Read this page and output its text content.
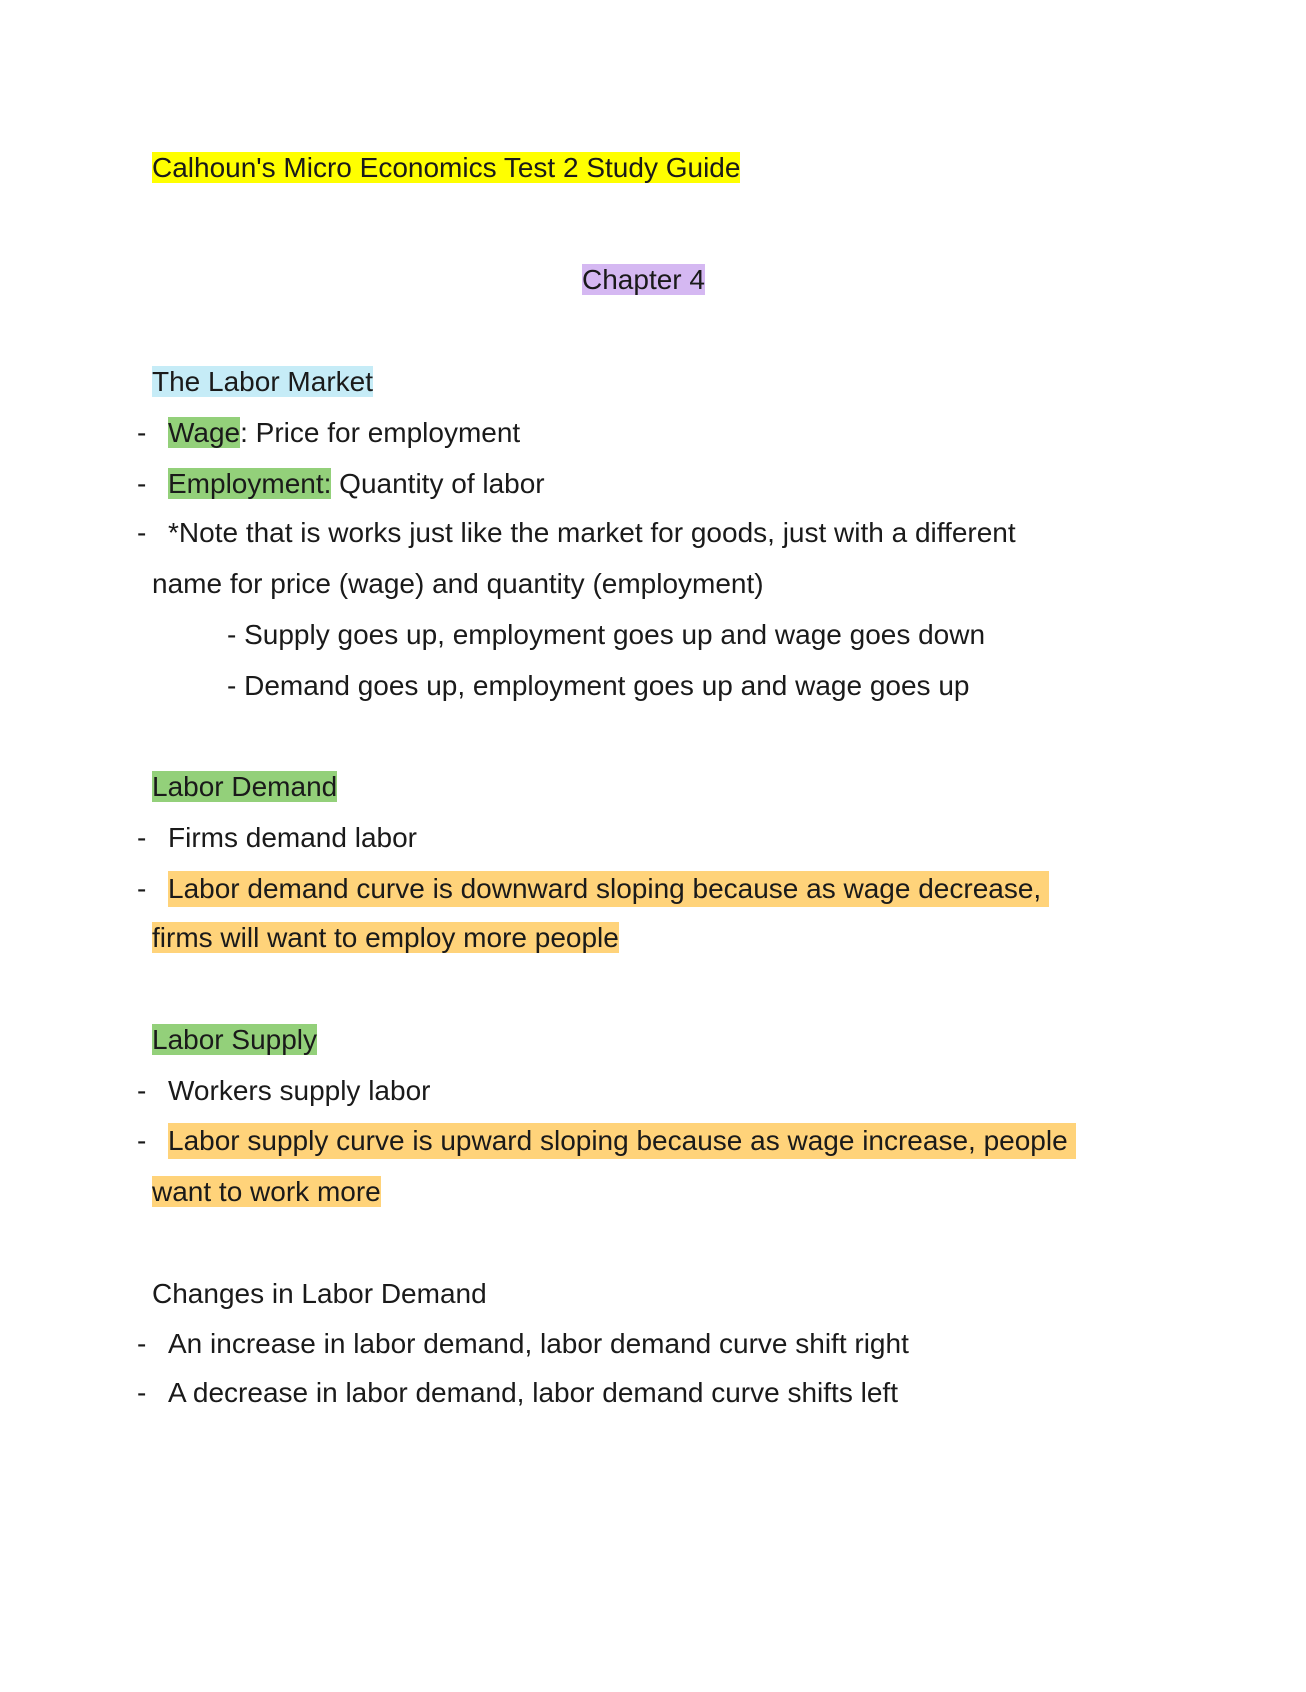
Calhoun's Micro Economics Test 2 Study Guide
Chapter 4
The Labor Market
- Wage: Price for employment
- Employment: Quantity of labor
- *Note that is works just like the market for goods, just with a different
name for price (wage) and quantity (employment)
- Supply goes up, employment goes up and wage goes down
- Demand goes up, employment goes up and wage goes up
Labor Demand
- Firms demand labor
- Labor demand curve is downward sloping because as wage decrease,
firms will want to employ more people
Labor Supply
- Workers supply labor
- Labor supply curve is upward sloping because as wage increase, people
want to work more
Changes in Labor Demand
- An increase in labor demand, labor demand curve shift right
- A decrease in labor demand, labor demand curve shifts left
